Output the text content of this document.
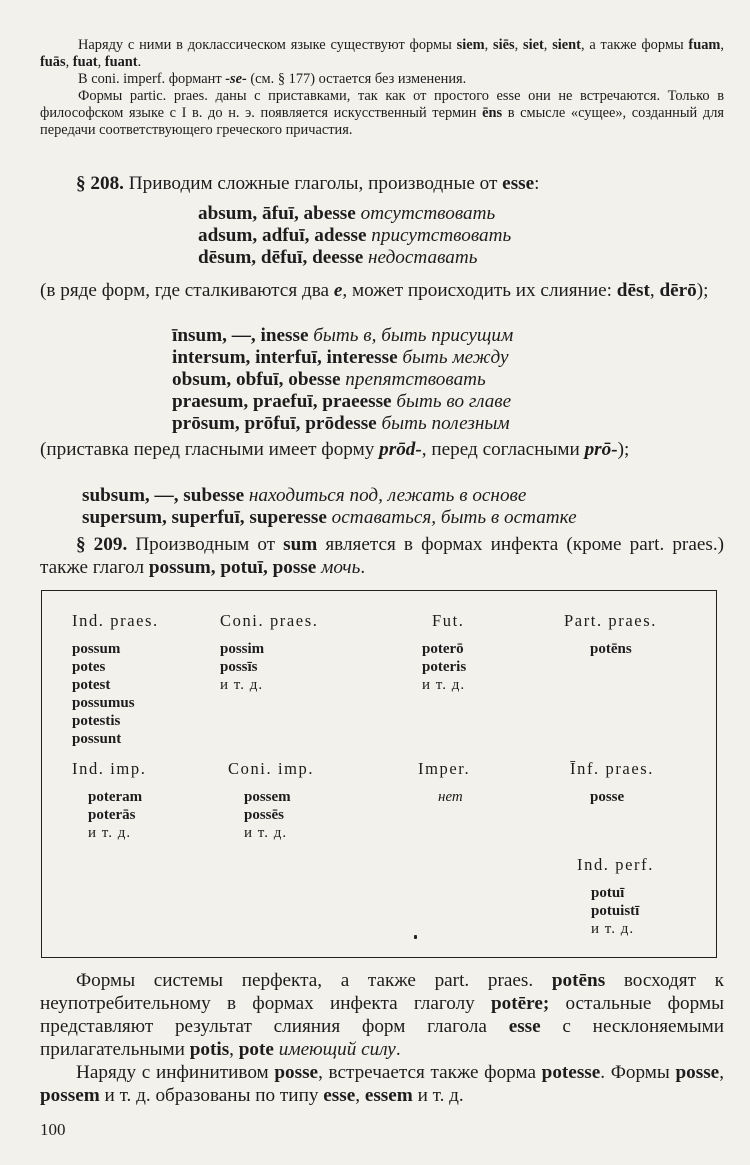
Наряду с ними в доклассическом языке существуют формы siem, siēs, siet, sient, а также формы fuam, fuās, fuat, fuant.

В coni. imperf. формант -se- (см. § 177) остается без изменения.

Формы partic. praes. даны с приставками, так как от простого esse они не встречаются. Только в философском языке с I в. до н. э. появляется искусственный термин ēns в смысле «сущее», созданный для передачи соответствующего греческого причастия.

§ 208. Приводим сложные глаголы, производные от esse:

absum, āfuī, abesse отсутствовать
adsum, adfuī, adesse присутствовать
dēsum, dēfuī, deesse недоставать

(в ряде форм, где сталкиваются два e, может происходить их слияние: dēst, dērō);

īnsum, —, inesse быть в, быть присущим
intersum, interfuī, interesse быть между
obsum, obfuī, obesse препятствовать
praesum, praefuī, praeesse быть во главе
prōsum, prōfuī, prōdesse быть полезным

(приставка перед гласными имеет форму prōd-, перед согласными prō-);

subsum, —, subesse находиться под, лежать в основе
supersum, superfuī, superesse оставаться, быть в остатке

§ 209. Производным от sum является в формах инфекта (кроме part. praes.) также глагол possum, potuī, posse мочь.

Ind. praes.
possum
potes
potest
possumus
potestis
possunt
Coni. praes.
possim
possīs
и т. д.
Fut.
poterō
poteris
и т. д.
Part. praes.
potēns
Ind. imp.
poteram
poterās
и т. д.
Coni. imp.
possem
possēs
и т. д.
Imper.
нет
Īnf. praes.
posse
Ind. perf.
potuī
potuistī
и т. д.

Формы системы перфекта, а также part. praes. potēns восходят к неупотребительному в формах инфекта глаголу potēre; остальные формы представляют результат слияния форм глагола esse с несклоняемыми прилагательными potis, pote имеющий силу.

Наряду с инфинитивом posse, встречается также форма potesse. Формы posse, possem и т. д. образованы по типу esse, essem и т. д.

100
